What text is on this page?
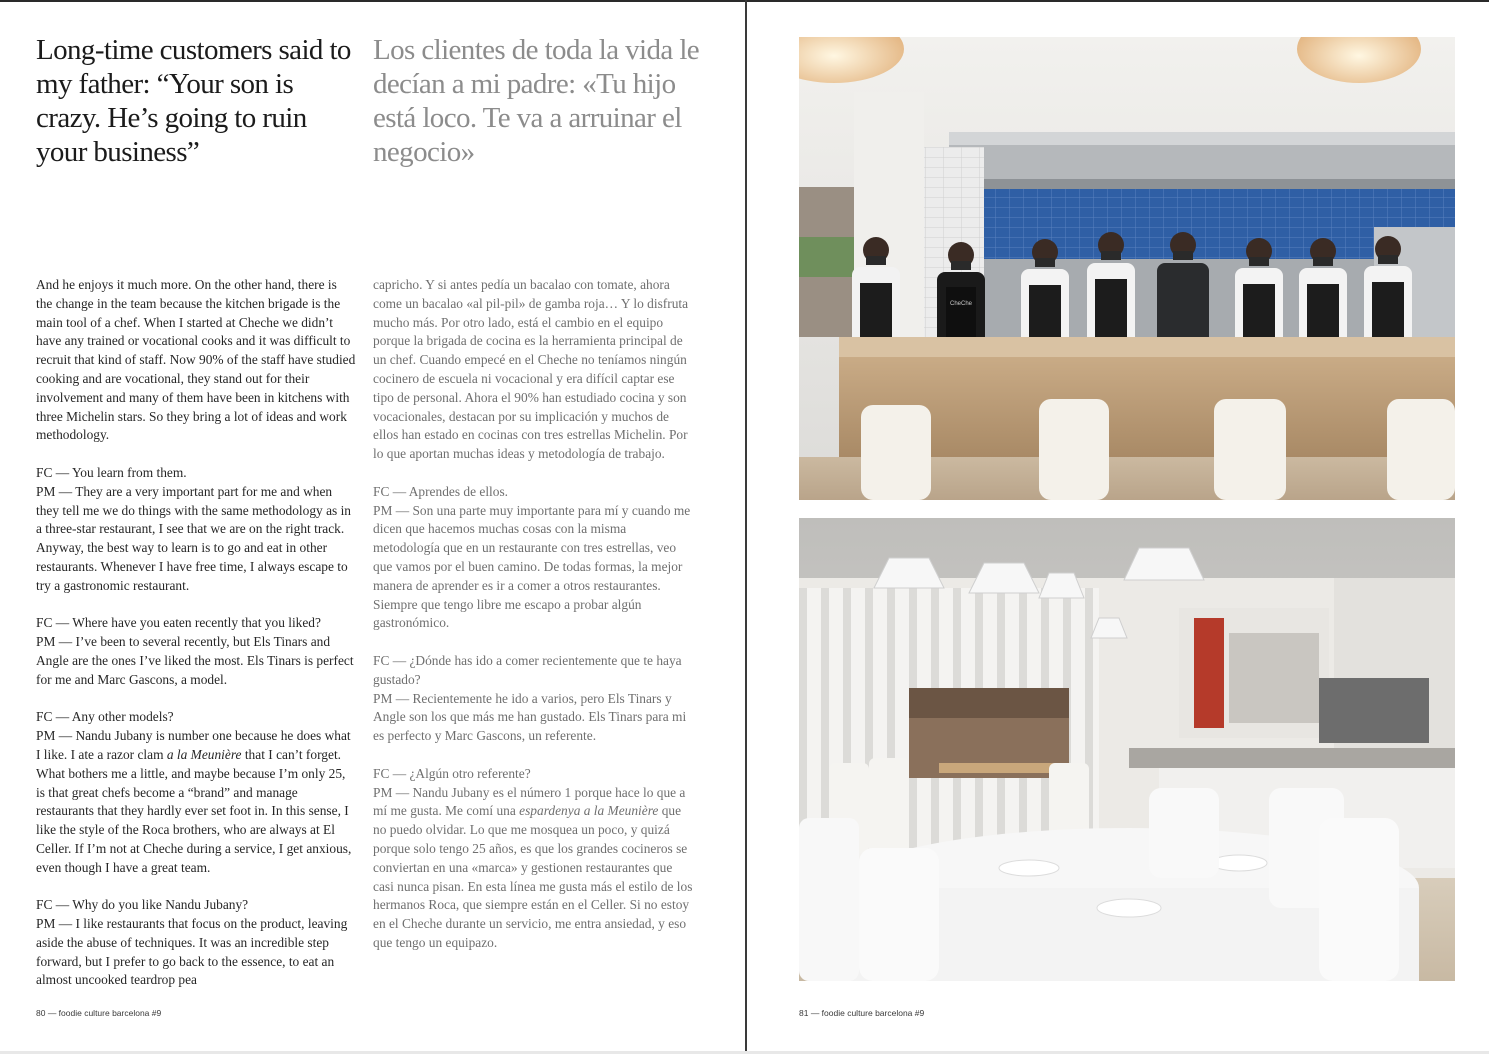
Long-time customers said to my father: “Your son is crazy. He’s going to ruin your business”
Los clientes de toda la vida le decían a mi padre: «Tu hijo está loco. Te va a arruinar el negocio»

And he enjoys it much more. On the other hand, there is the change in the team because the kitchen brigade is the main tool of a chef. When I started at Cheche we didn’t have any trained or vocational cooks and it was difficult to recruit that kind of staff. Now 90% of the staff have studied cooking and are vocational, they stand out for their involvement and many of them have been in kitchens with three Michelin stars. So they bring a lot of ideas and work methodology.

FC — You learn from them.

PM — They are a very important part for me and when they tell me we do things with the same methodology as in a three-star restaurant, I see that we are on the right track. Anyway, the best way to learn is to go and eat in other restaurants. Whenever I have free time, I always escape to try a gastronomic restaurant.

FC — Where have you eaten recently that you liked?

PM — I’ve been to several recently, but Els Tinars and Angle are the ones I’ve liked the most. Els Tinars is perfect for me and Marc Gascons, a model.

FC — Any other models?

PM — Nandu Jubany is number one because he does what I like. I ate a razor clam a la Meunière that I can’t forget. What bothers me a little, and maybe because I’m only 25, is that great chefs become a “brand” and manage restaurants that they hardly ever set foot in. In this sense, I like the style of the Roca brothers, who are always at El Celler. If I’m not at Cheche during a service, I get anxious, even though I have a great team.

FC — Why do you like Nandu Jubany?

PM — I like restaurants that focus on the product, leaving aside the abuse of techniques. It was an incredible step forward, but I prefer to go back to the essence, to eat an almost uncooked teardrop pea

capricho. Y si antes pedía un bacalao con tomate, ahora come un bacalao «al pil-pil» de gamba roja… Y lo disfruta mucho más. Por otro lado, está el cambio en el equipo porque la brigada de cocina es la herramienta principal de un chef. Cuando empecé en el Cheche no teníamos ningún cocinero de escuela ni vocacional y era difícil captar ese tipo de personal. Ahora el 90% han estudiado cocina y son vocacionales, destacan por su implicación y muchos de ellos han estado en cocinas con tres estrellas Michelin. Por lo que aportan muchas ideas y metodología de trabajo.

FC — Aprendes de ellos.

PM — Son una parte muy importante para mí y cuando me dicen que hacemos muchas cosas con la misma metodología que en un restaurante con tres estrellas, veo que vamos por el buen camino. De todas formas, la mejor manera de aprender es ir a comer a otros restaurantes. Siempre que tengo libre me escapo a probar algún gastronómico.

FC — ¿Dónde has ido a comer recientemente que te haya gustado?

PM — Recientemente he ido a varios, pero Els Tinars y Angle son los que más me han gustado. Els Tinars para mi es perfecto y Marc Gascons, un referente.

FC — ¿Algún otro referente?

PM — Nandu Jubany es el número 1 porque hace lo que a mí me gusta. Me comí una espardenya a la Meunière que no puedo olvidar. Lo que me mosquea un poco, y quizá porque solo tengo 25 años, es que los grandes cocineros se conviertan en una «marca» y gestionen restaurantes que casi nunca pisan. En esta línea me gusta más el estilo de los hermanos Roca, que siempre están en el Celler. Si no estoy en el Cheche durante un servicio, me entra ansiedad, y eso que tengo un equipazo.

80 — foodie culture barcelona #9
CheChe
81 — foodie culture barcelona #9
